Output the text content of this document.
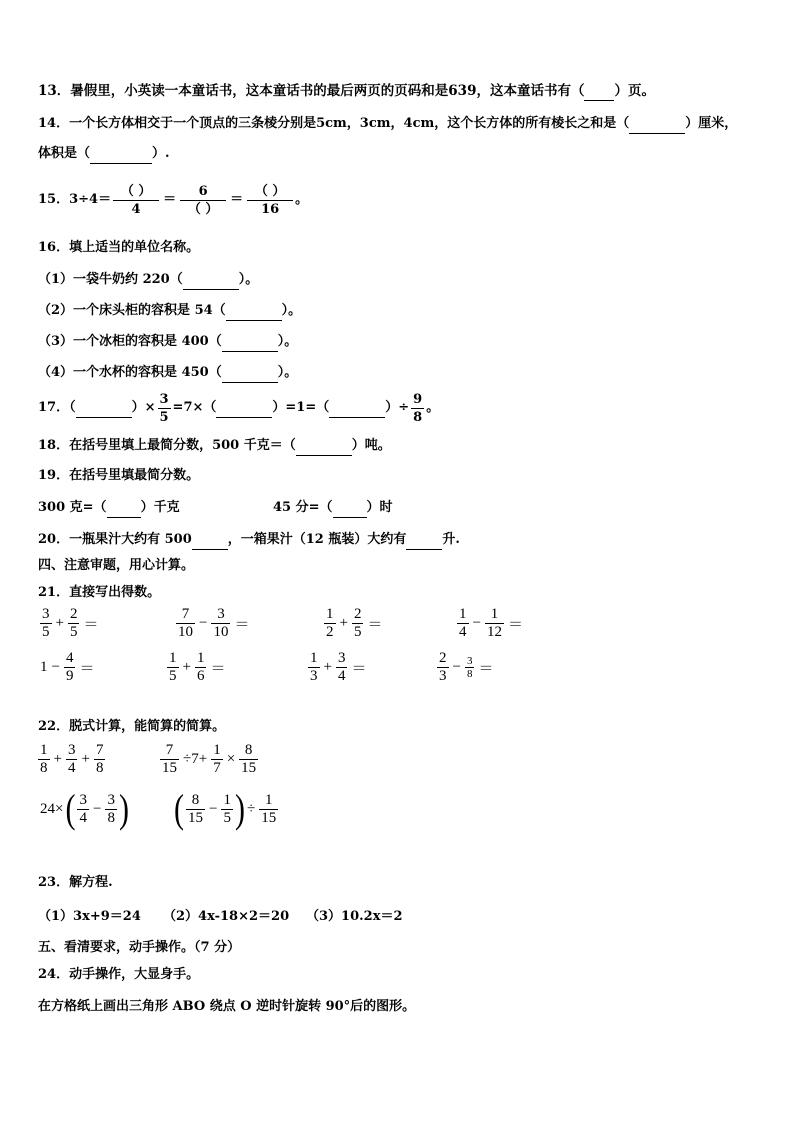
13．暑假里，小英读一本童话书，这本童话书的最后两页的页码和是639，这本童话书有（ ）页。
14．一个长方体相交于一个顶点的三条棱分别是5cm，3cm，4cm，这个长方体的所有棱长之和是（	）厘米，
体积是（	）.
15．$3\div 4= \frac{( )}{4} = \frac{6}{( )} = \frac{( )}{16}$ 。
16．填上适当的单位名称。
（1）一袋牛奶约 220（	）。
（2）一个床头柜的容积是 54（	）。
（3）一个冰柜的容积是 400（	）。
（4）一个水杯的容积是 450（	）。
17．（
	）× $\frac{3}{5} =7\times$（
	）=1=（
	）÷ $\frac{9}{8}$ 。
18．在括号里填上最简分数，500 千克＝（	）吨。
19．在括号里填最简分数。
300 克=（	）千克	45 分=（	）时
20．一瓶果汁大约有 500	，一箱果汁（12 瓶装）大约有	升.
四、注意审题，用心计算。
21．直接写出得数。
$\frac{3}{5} + \frac{2}{5}$ ＝	$\frac{7}{10} - \frac{3}{10}$ ＝	$\frac{1}{2} + \frac{2}{5}$ ＝	$\frac{1}{4} - \frac{1}{12}$ ＝
$1 - \frac{4}{9}$ ＝	$\frac{1}{5} + \frac{1}{6}$ ＝	$\frac{1}{3} + \frac{3}{4}$ ＝	$\frac{2}{3} - \frac{3}{8}$ ＝
22．脱式计算，能简算的简算。
$\frac{1}{8} + \frac{3}{4} + \frac{7}{8}$	$\frac{7}{15} \div 7+ \frac{1}{7} \times \frac{8}{15}$
24× ( $\frac{3}{4} - \frac{3}{8}$ ) ( $\frac{8}{15} - \frac{1}{5}$ ) ÷ $\frac{1}{15}$
23．解方程.
（1）3x+9＝24 （2）4x-18×2＝20 （3）10.2x＝2
五、看清要求，动手操作。（7 分）
24．动手操作，大显身手。
在方格纸上画出三角形 ABO 绕点 O 逆时针旋转 90°后的图形。
